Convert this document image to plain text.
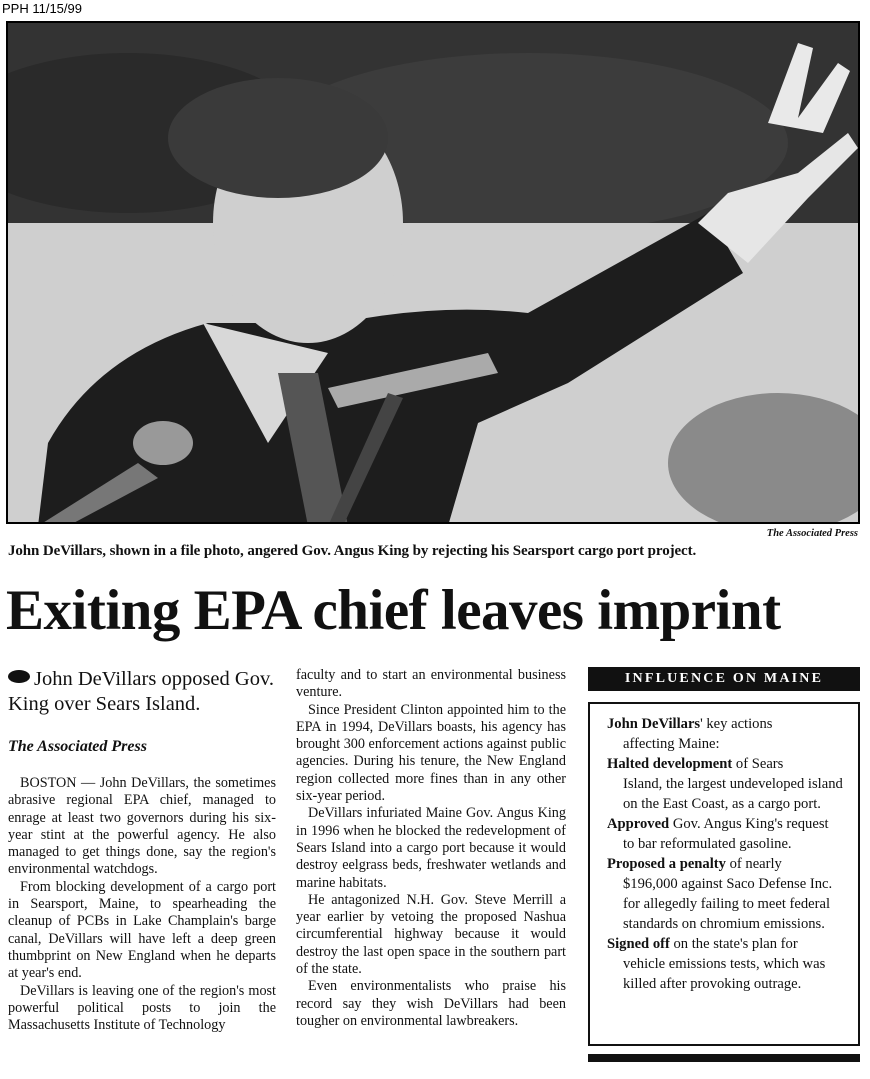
PPH 11/15/99
The Associated Press
John DeVillars, shown in a file photo, angered Gov. Angus King by rejecting his Searsport cargo port project.
Exiting EPA chief leaves imprint
John DeVillars opposed Gov. King over Sears Island.
The Associated Press

BOSTON — John DeVillars, the sometimes abrasive regional EPA chief, managed to enrage at least two governors during his six-year stint at the powerful agency. He also managed to get things done, say the region's environmental watchdogs.

From blocking development of a cargo port in Searsport, Maine, to spearheading the cleanup of PCBs in Lake Champlain's barge canal, DeVillars will have left a deep green thumbprint on New England when he departs at year's end.

DeVillars is leaving one of the region's most powerful political posts to join the Massachusetts Institute of Technology

faculty and to start an environmental business venture.

Since President Clinton appointed him to the EPA in 1994, DeVillars boasts, his agency has brought 300 enforcement actions against public agencies. During his tenure, the New England region collected more fines than in any other six-year period.

DeVillars infuriated Maine Gov. Angus King in 1996 when he blocked the redevelopment of Sears Island into a cargo port because it would destroy eelgrass beds, freshwater wetlands and marine habitats.

He antagonized N.H. Gov. Steve Merrill a year earlier by vetoing the proposed Nashua circumferential highway because it would destroy the last open space in the southern part of the state.

Even environmentalists who praise his record say they wish DeVillars had been tougher on environmental lawbreakers.

INFLUENCE ON MAINE
John DeVillars' key actions
affecting Maine:
Halted development of Sears
Island, the largest undeveloped island on the East Coast, as a cargo port.
Approved Gov. Angus King's request
to bar reformulated gasoline.
Proposed a penalty of nearly
$196,000 against Saco Defense Inc. for allegedly failing to meet federal standards on chromium emissions.
Signed off on the state's plan for
vehicle emissions tests, which was killed after provoking outrage.
